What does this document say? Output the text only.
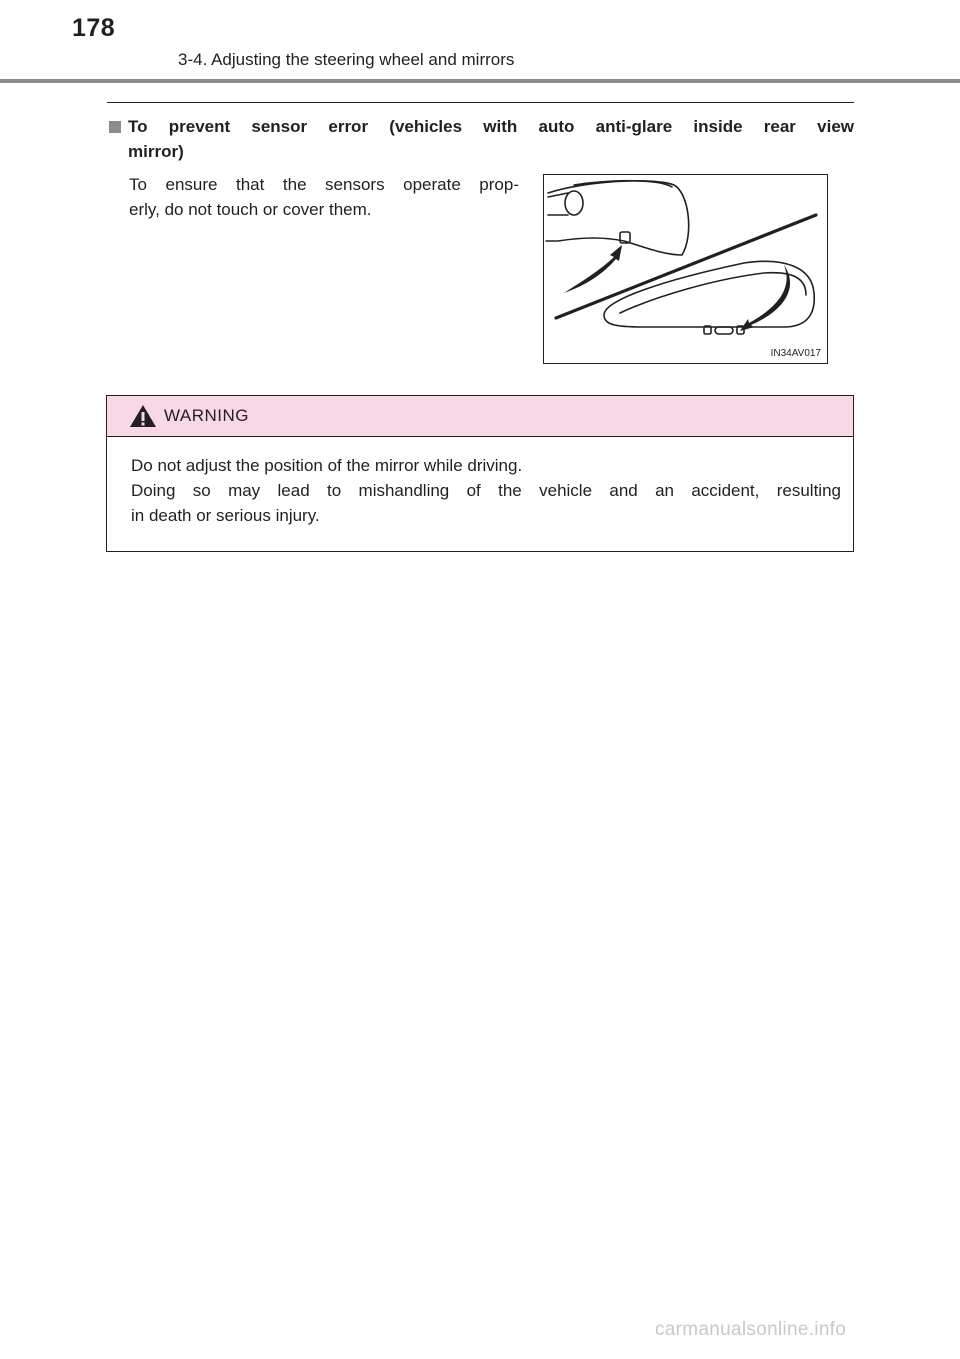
178
3-4. Adjusting the steering wheel and mirrors
To prevent sensor error (vehicles with auto anti-glare inside rear view
mirror)
To ensure that the sensors operate prop-
erly, do not touch or cover them.
IN34AV017
WARNING
Do not adjust the position of the mirror while driving.
Doing so may lead to mishandling of the vehicle and an accident, resulting
in death or serious injury.
carmanualsonline.info
